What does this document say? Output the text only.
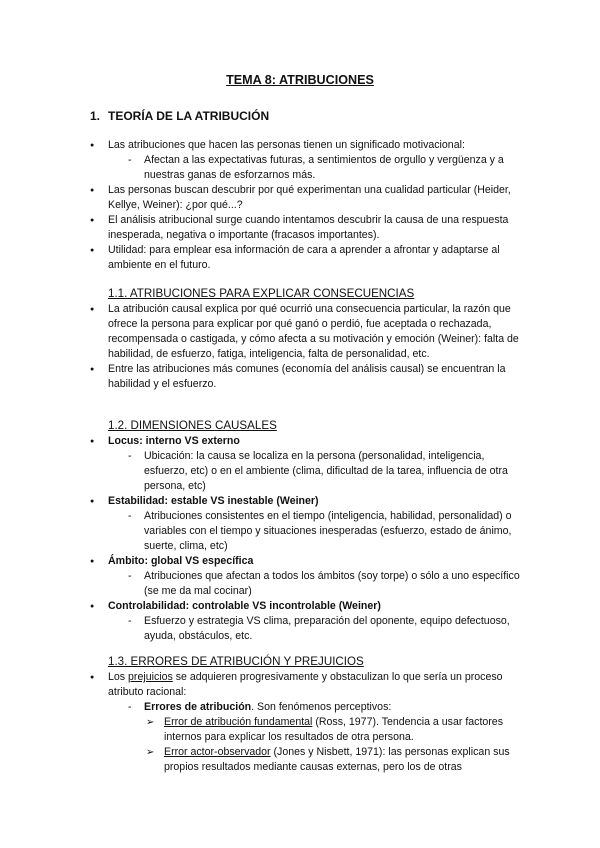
TEMA 8: ATRIBUCIONES
1. TEORÍA DE LA ATRIBUCIÓN
● Las atribuciones que hacen las personas tienen un significado motivacional:
- Afectan a las expectativas futuras, a sentimientos de orgullo y vergüenza y a nuestras ganas de esforzarnos más.
● Las personas buscan descubrir por qué experimentan una cualidad particular (Heider, Kellye, Weiner): ¿por qué...?
● El análisis atribucional surge cuando intentamos descubrir la causa de una respuesta inesperada, negativa o importante (fracasos importantes).
● Utilidad: para emplear esa información de cara a aprender a afrontar y adaptarse al ambiente en el futuro.
1.1. ATRIBUCIONES PARA EXPLICAR CONSECUENCIAS
● La atribución causal explica por qué ocurrió una consecuencia particular, la razón que ofrece la persona para explicar por qué ganó o perdió, fue aceptada o rechazada, recompensada o castigada, y cómo afecta a su motivación y emoción (Weiner): falta de habilidad, de esfuerzo, fatiga, inteligencia, falta de personalidad, etc.
● Entre las atribuciones más comunes (economía del análisis causal) se encuentran la habilidad y el esfuerzo.
1.2. DIMENSIONES CAUSALES
● Locus: interno VS externo
- Ubicación: la causa se localiza en la persona (personalidad, inteligencia, esfuerzo, etc) o en el ambiente (clima, dificultad de la tarea, influencia de otra persona, etc)
● Estabilidad: estable VS inestable (Weiner)
- Atribuciones consistentes en el tiempo (inteligencia, habilidad, personalidad) o variables con el tiempo y situaciones inesperadas (esfuerzo, estado de ánimo, suerte, clima, etc)
● Ámbito: global VS específica
- Atribuciones que afectan a todos los ámbitos (soy torpe) o sólo a uno específico (se me da mal cocinar)
● Controlabilidad: controlable VS incontrolable (Weiner)
- Esfuerzo y estrategia VS clima, preparación del oponente, equipo defectuoso, ayuda, obstáculos, etc.
1.3. ERRORES DE ATRIBUCIÓN Y PREJUICIOS
● Los prejuicios se adquieren progresivamente y obstaculizan lo que sería un proceso atributo racional:
- Errores de atribución. Son fenómenos perceptivos:
➢ Error de atribución fundamental (Ross, 1977). Tendencia a usar factores internos para explicar los resultados de otra persona.
➢ Error actor-observador (Jones y Nisbett, 1971): las personas explican sus propios resultados mediante causas externas, pero los de otras
